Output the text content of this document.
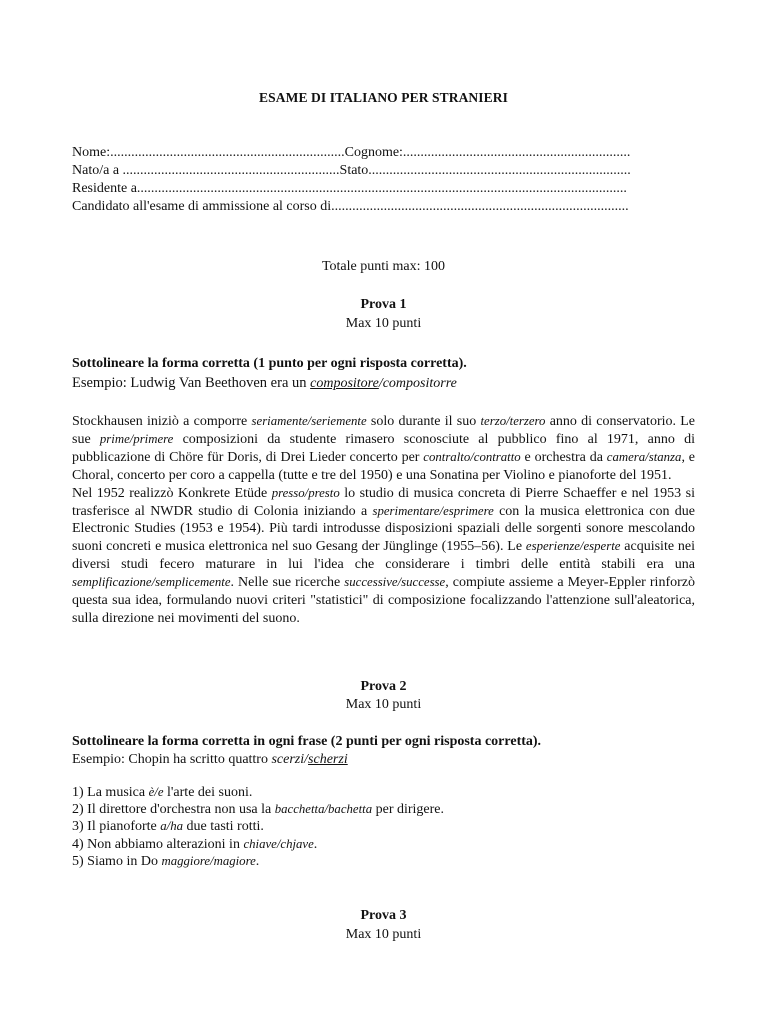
ESAME DI ITALIANO PER STRANIERI
Nome:...................................................................Cognome:.................................................................
Nato/a a ..............................................................Stato...........................................................................
Residente a............................................................................................................................................
Candidato all'esame di ammissione al corso di.....................................................................................
Totale punti max: 100
Prova 1
Max 10 punti
Sottolineare la forma corretta (1 punto per ogni risposta corretta).
Esempio: Ludwig Van Beethoven era un compositore/compositorre

Stockhausen iniziò a comporre seriamente/seriemente solo durante il suo terzo/terzero anno di conservatorio. Le sue prime/primere composizioni da studente rimasero sconosciute al pubblico fino al 1971, anno di pubblicazione di Chöre für Doris, di Drei Lieder concerto per contralto/contratto e orchestra da camera/stanza, e Choral, concerto per coro a cappella (tutte e tre del 1950) e una Sonatina per Violino e pianoforte del 1951.

Nel 1952 realizzò Konkrete Etüde presso/presto lo studio di musica concreta di Pierre Schaeffer e nel 1953 si trasferisce al NWDR studio di Colonia iniziando a sperimentare/esprimere con la musica elettronica con due Electronic Studies (1953 e 1954). Più tardi introdusse disposizioni spaziali delle sorgenti sonore mescolando suoni concreti e musica elettronica nel suo Gesang der Jünglinge (1955–56). Le esperienze/esperte acquisite nei diversi studi fecero maturare in lui l'idea che considerare i timbri delle entità stabili era una semplificazione/semplicemente. Nelle sue ricerche successive/successe, compiute assieme a Meyer-Eppler rinforzò questa sua idea, formulando nuovi criteri "statistici" di composizione focalizzando l'attenzione sull'aleatorica, sulla direzione nei movimenti del suono.

Prova 2
Max 10 punti
Sottolineare la forma corretta in ogni frase (2 punti per ogni risposta corretta).
Esempio: Chopin ha scritto quattro scerzi/scherzi
1) La musica è/e l'arte dei suoni.
2) Il direttore d'orchestra non usa la bacchetta/bachetta per dirigere.
3) Il pianoforte a/ha due tasti rotti.
4) Non abbiamo alterazioni in chiave/chjave.
5) Siamo in Do maggiore/magiore.
Prova 3
Max 10 punti
